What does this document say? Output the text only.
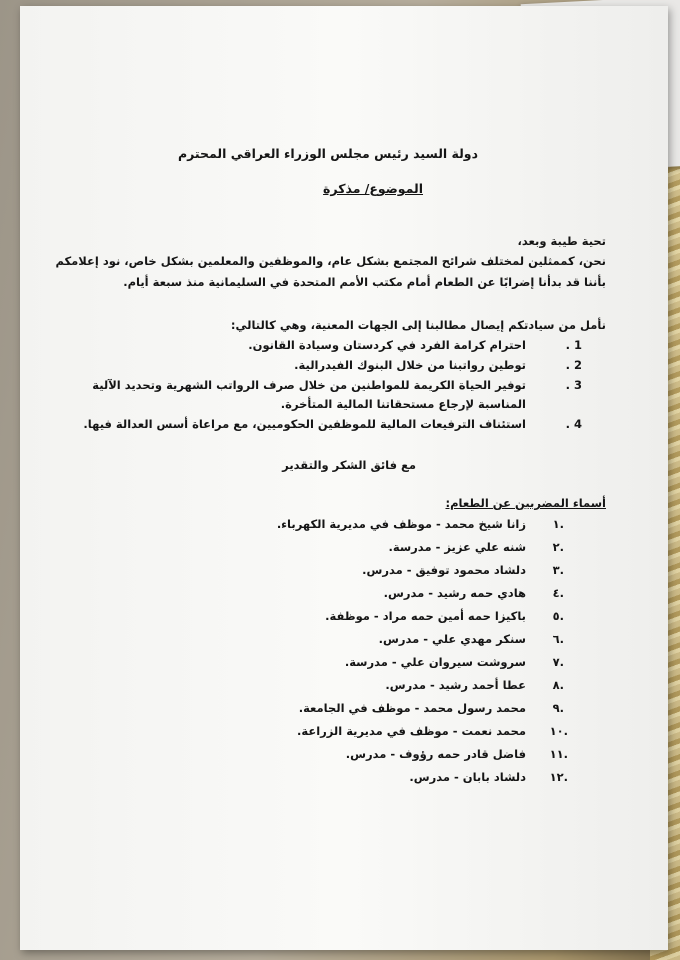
دولة السيد رئيس مجلس الوزراء العراقي المحترم
الموضوع/ مذكرة
تحية طيبة وبعد،
نحن، كممثلين لمختلف شرائح المجتمع بشكل عام، والموظفين والمعلمين بشكل خاص، نود إعلامكم
بأننا قد بدأنا إضرابًا عن الطعام أمام مكتب الأمم المتحدة في السليمانية منذ سبعة أيام.
نأمل من سيادتكم إيصال مطالبنا إلى الجهات المعنية، وهي كالتالي:
1 .
احترام كرامة الفرد في كردستان وسيادة القانون.
2 .
توطين رواتبنا من خلال البنوك الفيدرالية.
3 .
توفير الحياة الكريمة للمواطنين من خلال صرف الرواتب الشهرية وتحديد الآلية
المناسبة لإرجاع مستحقاتنا المالية المتأخرة.
4 .
استئناف الترفيعات المالية للموظفين الحكوميين، مع مراعاة أسس العدالة فيها.
مع فائق الشكر والتقدير
أسماء المضربين عن الطعام:
.١
زانا شيخ محمد - موظف في مديرية الكهرباء.
.٢
شنه علي عزيز - مدرسة.
.٣
دلشاد محمود توفيق - مدرس.
.٤
هادي حمه رشيد - مدرس.
.٥
باكيزا حمه أمين حمه مراد - موظفة.
.٦
سنكر مهدي علي - مدرس.
.٧
سروشت سيروان علي - مدرسة.
.٨
عطا أحمد رشيد - مدرس.
.٩
محمد رسول محمد - موظف في الجامعة.
.١٠
محمد نعمت - موظف في مديرية الزراعة.
.١١
فاضل قادر حمه رؤوف - مدرس.
.١٢
دلشاد بابان - مدرس.
